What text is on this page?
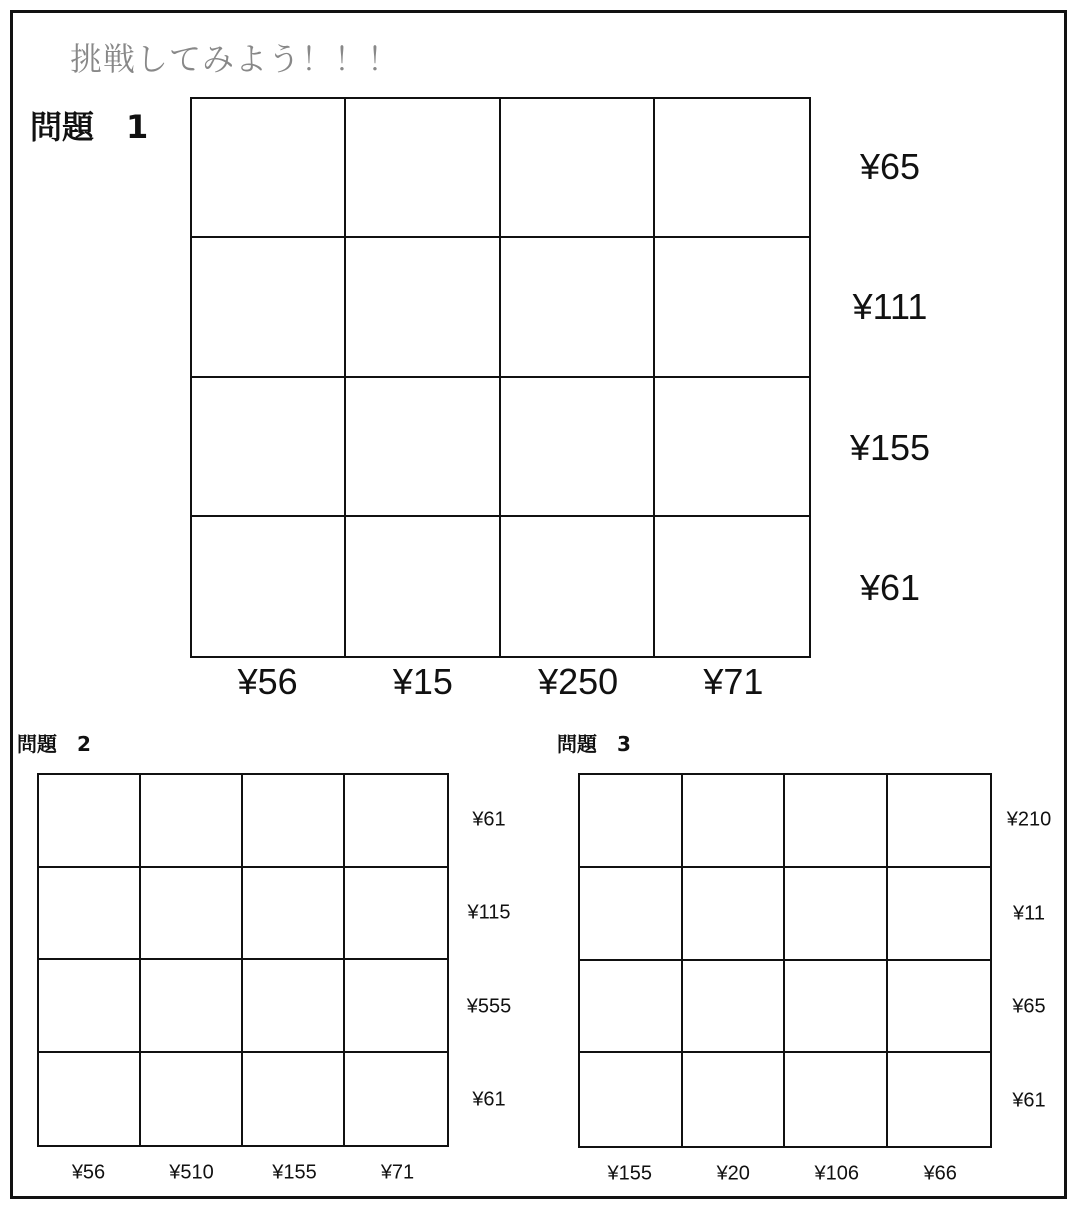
挑戦してみよう！！！
問題　1
問題　2	問題　3
¥65
¥56
¥111
¥15
¥155
¥250
¥61
¥71
¥61
¥56
¥115
¥510
¥555
¥155
¥61
¥71
¥210
¥155
¥11
¥20
¥65
¥106
¥61
¥66
